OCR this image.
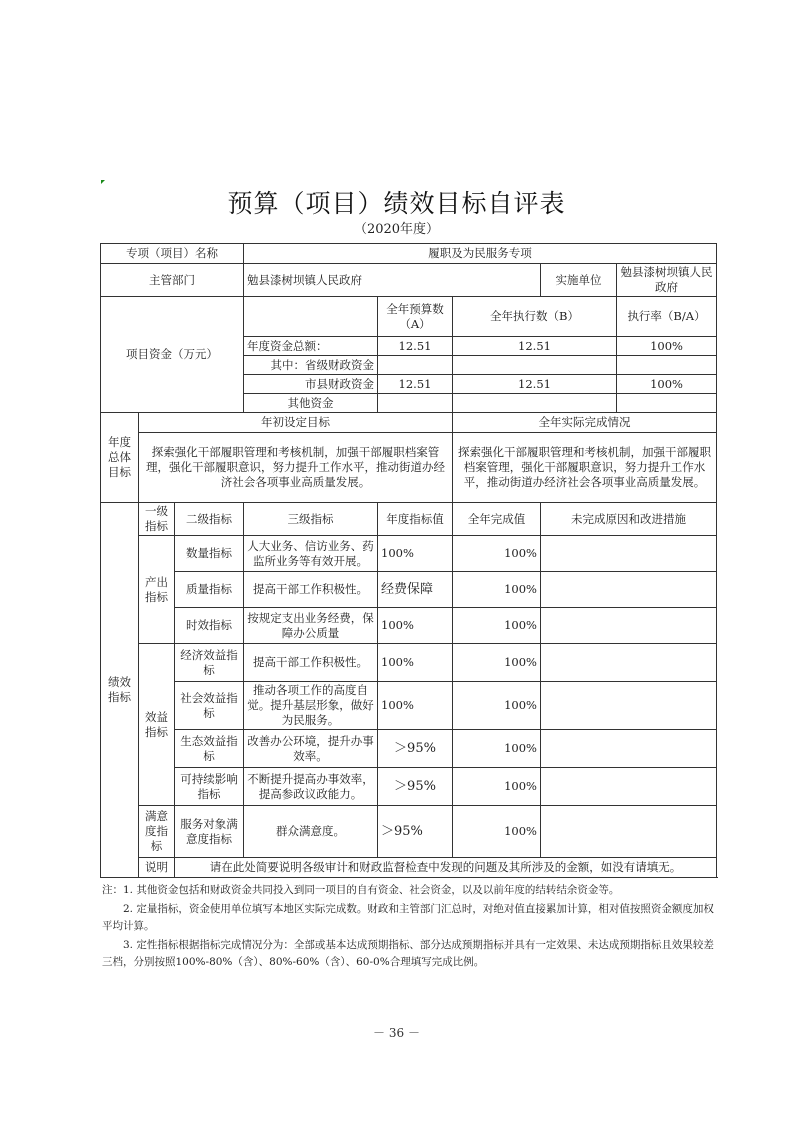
预算（项目）绩效目标自评表
（2020年度）
专项（项目）名称			履职及为民服务专项				
主管部门			勉县漆树坝镇人民政府			实施单位	勉县漆树坝镇人民政府
项目资金（万元）				全年预算数（A）	全年执行数（B）		执行率（B/A）
			年度资金总额：	12.51	12.51		100%
			其中：省级财政资金				
			市县财政资金	12.51	12.51		100%
			其他资金				
年度总体目标	年初设定目标				全年实际完成情况		
	探索强化干部履职管理和考核机制，加强干部履职档案管理，强化干部履职意识，努力提升工作水平，推动街道办经济社会各项事业高质量发展。				探索强化干部履职管理和考核机制，加强干部履职档案管理，强化干部履职意识，努力提升工作水平，推动街道办经济社会各项事业高质量发展。		
绩效指标	一级指标	二级指标	三级指标	年度指标值	全年完成值	未完成原因和改进措施	
	产出指标	数量指标	人大业务、信访业务、药监所业务等有效开展。	100%	100%		
		质量指标	提高干部工作积极性。	经费保障	100%		
		时效指标	按规定支出业务经费，保障办公质量	100%	100%		
	效益指标	经济效益指标	提高干部工作积极性。	100%	100%		
		社会效益指标	推动各项工作的高度自觉。提升基层形象，做好为民服务。	100%	100%		
		生态效益指标	改善办公环境，提升办事效率。	＞95%	100%		
		可持续影响指标	不断提升提高办事效率，提高参政议政能力。	＞95%	100%		
	满意度指标	服务对象满意度指标	群众满意度。	＞95%	100%		
	说明	请在此处简要说明各级审计和财政监督检查中发现的问题及其所涉及的金额，如没有请填无。					

注：1. 其他资金包括和财政资金共同投入到同一项目的自有资金、社会资金，以及以前年度的结转结余资金等。

2. 定量指标，资金使用单位填写本地区实际完成数。财政和主管部门汇总时，对绝对值直接累加计算，相对值按照资金额度加权平均计算。

3. 定性指标根据指标完成情况分为：全部或基本达成预期指标、部分达成预期指标并具有一定效果、未达成预期指标且效果较差三档，分别按照100%-80%（含）、80%-60%（含）、60-0%合理填写完成比例。

－ 36 －
